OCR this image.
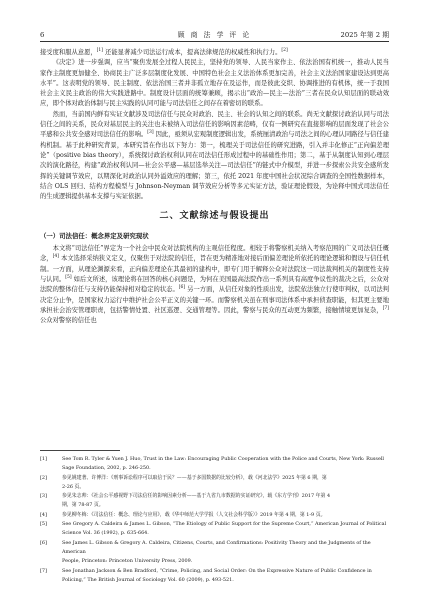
6	顾 商 法 学 评 论	2025 年第 2 期

接受度和服从意愿，[1] 还能显著减少司法运行成本，提高法律规范的权威性和执行力。[2]

《决定》进一步强调，应当“聚焦发展全过程人民民主，坚持党的领导、人民当家作主、依法治国有机统一，推动人民当家作主制度更加健全、协商民主广泛多层制度化发展、中国特色社会主义法治体系更加完善，社会主义法治国家建设达到更高水平”。这表明党的领导、民主制度、依法治国三者并非孤立地存在及运作，而是彼此交织、协调推进的有机体，统一于我国社会主义民主政治的伟大实践进路中。制度设计层面的统筹兼顾，揭示出“政治—民主—法治”三者在民众认知层面的联动效应，即个体对政治体制与民主实践的认同可能与司法信任之间存在着密切的联系。

然而，当前国内鲜有实证文献涉及司法信任与民众对政治、民主、社会的认知之间的联系。尚无文献探讨政治认同与司法信任之间的关系，民众对基层民主的关注也未被纳入司法信任的影响因素范畴，仅有一例研究在直接影响的层面发现了社会公平感和公共安全感对司法信任的影响。[3] 因此，亟须从宏观制度逻辑出发，系统厘清政治与司法之间的心理认同路径与信任建构机制。基于此种研究背景，本研究旨在作出以下努力：第一，梳理关于司法信任的研究进路，引入并丰化修正“正向偏差理论”（positive bias theory），系统探讨政治权利认同在司法信任形成过程中的基础性作用；第二，基于从制度认知到心理层次的演化路径，构建“政治权利认同—社会公平感—基层选举关注—司法信任”的链式中介模型，并进一步探索公共安全感所发挥的关键调节效应，以期深化对政治认同外溢效应的理解；第三，依托 2021 年度中国社会状况综合调查的全国性数据样本，结合 OLS 回归、结构方程模型与 Johnson-Neyman 调节效应分析等多元实证方法，验证理论假设，为诠释中国式司法信任的生成逻辑提供基本支撑与实证依据。

二、文献综述与假设提出
（一）司法信任：概念界定及研究现状

本文将“司法信任”界定为一个社会中民众对法院机构的主观信任程度。相较于将警察机关纳入考察范围的广义司法信任概念，[4] 本文选择采纳狭义定义，仅聚焦于对法院的信任，旨在更为精准地对接后面偏差理论所依托的理论逻辑和假设与信任机制。一方面，从理论渊源来看，正向偏差理论在其最初的建构中，即专门用于解释公众对法院这一司法裁判机关的制度性支持与认同。[5] 如后文所述，该理论将在回答的核心问题是，为何在美国最高法院作出一系列具有高度争议性的裁决之后，公众对法院的整体信任与支持仍能保持相对稳定的状态。[6] 另一方面，从信任对象的性质出发，法院依法独立行使审判权，以司法判决定分止争，是国家权力运行中维护社会公平正义的关键一环。而警察机关虽在刑事司法体系中承担侦查职能，但其更主要地承担社会治安管理职责，包括警情处置、社区巡逻、交通管理等。因此，警察与民众的互动更为频繁，接触情境更加复杂，[7] 公众对警察的信任也

[1]	See Tom R. Tyler & Yuen J. Huo, Trust in the Law: Encouraging Public Cooperation with the Police and Courts, New York: Russell
Sage Foundation, 2002, p. 246-250.
[2]	参见姚建著、许博洋：《刑事诉讼程序可以取信于民？——基于多国数据的比较分析》，载《河北法学》2025 年第 6 期，第
2-26 页。
[3]	参见朱志帅：《社会公平感视野下司法信任的影响因素分析——基于九省九市数据的实证研究》，载《东方学刊》2017 年第 4
期，第 78-87 页。
[4]	参见柳冬梅：《司法信任：概念、理论与应用》，载《华中师范大学学报（人文社会科学版）》2019 年第 4 期，第 1-9 页。
[5]	See Gregory A. Caldeira & James L. Gibson, “The Etiology of Public Support for the Supreme Court,” American Journal of Political
Science Vol. 36 (1992), p. 635-664.
[6]	See James L. Gibson & Gregory A. Caldeira, Citizens, Courts, and Confirmations: Positivity Theory and the Judgments of the American
People, Princeton: Princeton University Press, 2009.
[7]	See Jonathan Jackson & Ben Bradford, “Crime, Policing, and Social Order: On the Expressive Nature of Public Confidence in
Policing,” The British Journal of Sociology Vol. 60 (2009), p. 493-521.
